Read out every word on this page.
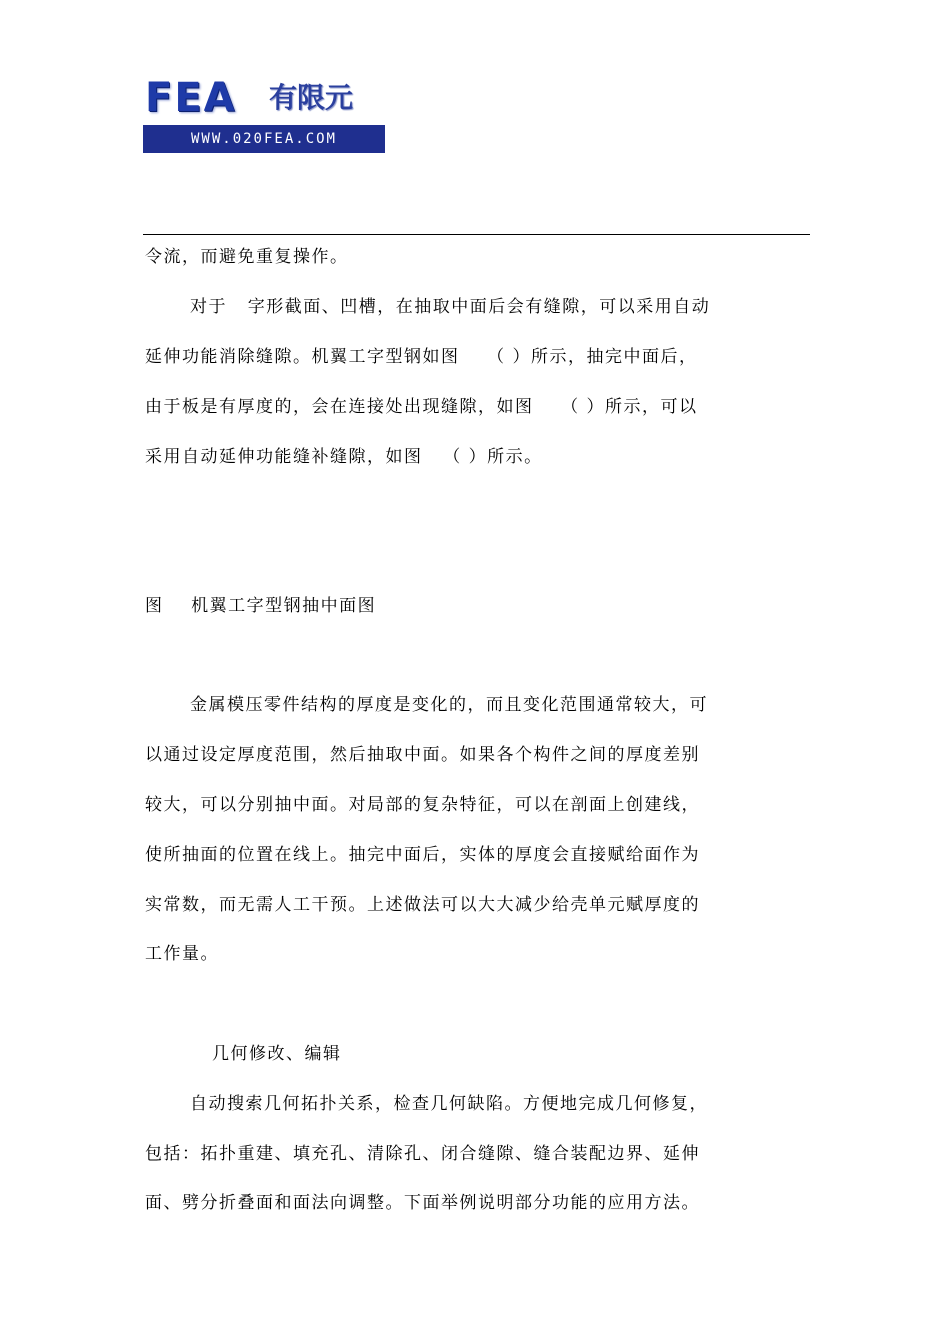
FEA 有限元
WWW.020FEA.COM
令流，而避免重复操作。
对于   字形截面、凹槽，在抽取中面后会有缝隙，可以采用自动
延伸功能消除缝隙。机翼工字型钢如图    （ ）所示，抽完中面后，
由于板是有厚度的，会在连接处出现缝隙，如图    （ ）所示，可以
采用自动延伸功能缝补缝隙，如图   （ ）所示。
图    机翼工字型钢抽中面图
金属模压零件结构的厚度是变化的，而且变化范围通常较大，可
以通过设定厚度范围，然后抽取中面。如果各个构件之间的厚度差别
较大，可以分别抽中面。对局部的复杂特征，可以在剖面上创建线，
使所抽面的位置在线上。抽完中面后，实体的厚度会直接赋给面作为
实常数，而无需人工干预。上述做法可以大大减少给壳单元赋厚度的
工作量。
几何修改、编辑
自动搜索几何拓扑关系，检查几何缺陷。方便地完成几何修复，
包括：拓扑重建、填充孔、清除孔、闭合缝隙、缝合装配边界、延伸
面、劈分折叠面和面法向调整。下面举例说明部分功能的应用方法。
